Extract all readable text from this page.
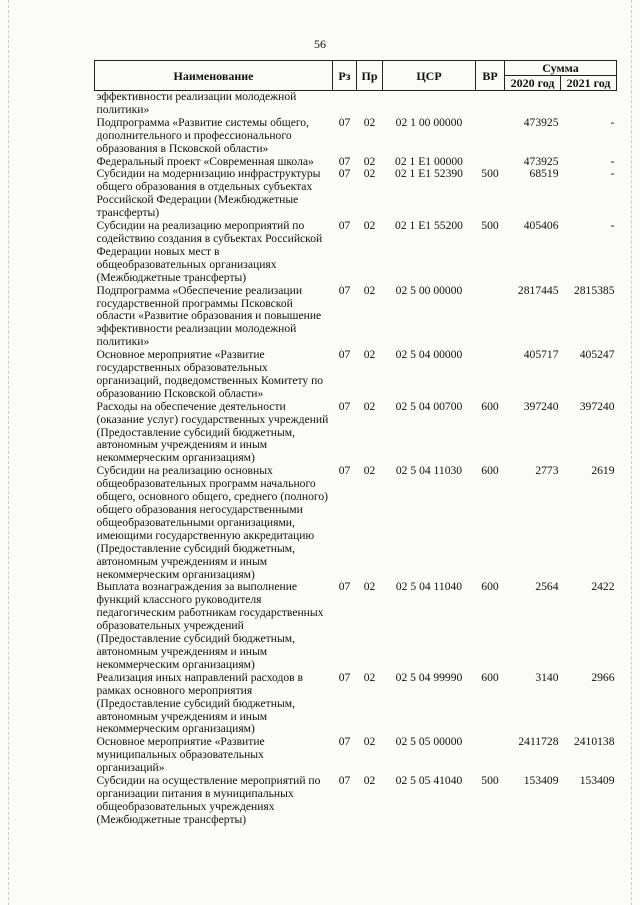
56
Наименование	Рз	Пр	ЦСР	ВР	Сумма	
					2020 год	2021 год
эффективности реализации молодежной политики»						
Подпрограмма «Развитие системы общего, дополнительного и профессионального образования в Псковской области»	07	02	02 1 00 00000		473925	-
Федеральный проект «Современная школа»	07	02	02 1 E1 00000		473925	-
Субсидии на модернизацию инфраструктуры общего образования в отдельных субъектах Российской Федерации (Межбюджетные трансферты)	07	02	02 1 E1 52390	500	68519	-
Субсидии на реализацию мероприятий по содействию создания в субъектах Российской Федерации новых мест в общеобразовательных организациях (Межбюджетные трансферты)	07	02	02 1 E1 55200	500	405406	-
Подпрограмма «Обеспечение реализации государственной программы Псковской области «Развитие образования и повышение эффективности реализации молодежной политики»	07	02	02 5 00 00000		2817445	2815385
Основное мероприятие «Развитие государственных образовательных организаций, подведомственных Комитету по образованию Псковской области»	07	02	02 5 04 00000		405717	405247
Расходы на обеспечение деятельности (оказание услуг) государственных учреждений (Предоставление субсидий бюджетным, автономным учреждениям и иным некоммерческим организациям)	07	02	02 5 04 00700	600	397240	397240
Субсидии на реализацию основных общеобразовательных программ начального общего, основного общего, среднего (полного) общего образования негосударственными общеобразовательными организациями, имеющими государственную аккредитацию (Предоставление субсидий бюджетным, автономным учреждениям и иным некоммерческим организациям)	07	02	02 5 04 11030	600	2773	2619
Выплата вознаграждения за выполнение функций классного руководителя педагогическим работникам государственных образовательных учреждений (Предоставление субсидий бюджетным, автономным учреждениям и иным некоммерческим организациям)	07	02	02 5 04 11040	600	2564	2422
Реализация иных направлений расходов в рамках основного мероприятия (Предоставление субсидий бюджетным, автономным учреждениям и иным некоммерческим организациям)	07	02	02 5 04 99990	600	3140	2966
Основное мероприятие «Развитие муниципальных образовательных организаций»	07	02	02 5 05 00000		2411728	2410138
Субсидии на осуществление мероприятий по организации питания в муниципальных общеобразовательных учреждениях (Межбюджетные трансферты)	07	02	02 5 05 41040	500	153409	153409
